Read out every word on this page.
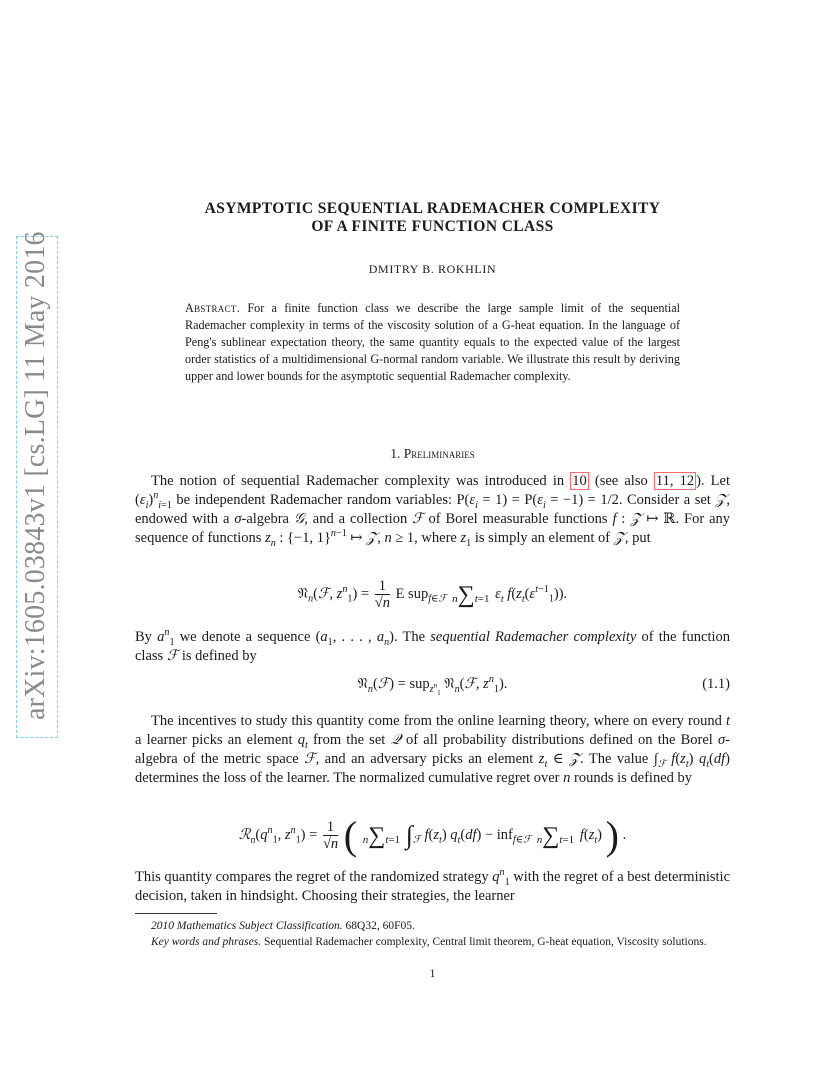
arXiv:1605.03843v1 [cs.LG] 11 May 2016
ASYMPTOTIC SEQUENTIAL RADEMACHER COMPLEXITY
OF A FINITE FUNCTION CLASS
DMITRY B. ROKHLIN
Abstract. For a finite function class we describe the large sample limit of the sequential Rademacher complexity in terms of the viscosity solution of a G-heat equation. In the language of Peng's sublinear expectation theory, the same quantity equals to the expected value of the largest order statistics of a multidimensional G-normal random variable. We illustrate this result by deriving upper and lower bounds for the asymptotic sequential Rademacher complexity.
1. Preliminaries
The notion of sequential Rademacher complexity was introduced in 10 (see also 11, 12 ). Let $(\varepsilon_i)^n_{i=1}$ be independent Rademacher random variables: $P(\varepsilon_i = 1) = P(\varepsilon_i = -1) = 1/2$. Consider a set 𝒵, endowed with a σ-algebra 𝒢, and a collection ℱ of Borel measurable functions f : 𝒵 ↦ ℝ. For any sequence of functions $z_n$ : {−1, 1}$^{n-1}$ ↦ 𝒵, n ≥ 1, where $z_1$ is simply an element of 𝒵, put
𝔑$_n$(ℱ, $z^n_1) = \frac{1}{√n}$ E sup$_{f\in ℱ}$ n∑t=1 $\varepsilon_t$ $f(z_t(\varepsilon^{t-1}_1))$.
By $a^n_1$ we denote a sequence ($a_1$, . . . , $a_n$). The sequential Rademacher complexity of the function class ℱ is defined by
𝔑$_n$(ℱ) = sup$_{z^n_1}$ 𝔑$_n$(ℱ, $z^n_1$).	(1.1)
The incentives to study this quantity come from the online learning theory, where on every round t a learner picks an element $q_t$ from the set 𝒬 of all probability distributions defined on the Borel σ-algebra of the metric space ℱ, and an adversary picks an element $z_t$ ∈ 𝒵. The value $\int_ℱ$ $f(z_t)$ $q_t(df)$ determines the loss of the learner. The normalized cumulative regret over n rounds is defined by
$ℛ_n(q^n_1$, $z^n_1) = \frac{1}{√n}$ ( n∑t=1 $\int_ℱ$ $f(z_t) q_t(df) - inf_{f\in ℱ}$ n∑t=1 $f(z_t)$ ) .
This quantity compares the regret of the randomized strategy $q^n_1$ with the regret of a best deterministic decision, taken in hindsight. Choosing their strategies, the learner
2010 Mathematics Subject Classification. 68Q32, 60F05.
Key words and phrases. Sequential Rademacher complexity, Central limit theorem, G-heat equation, Viscosity solutions.
1
